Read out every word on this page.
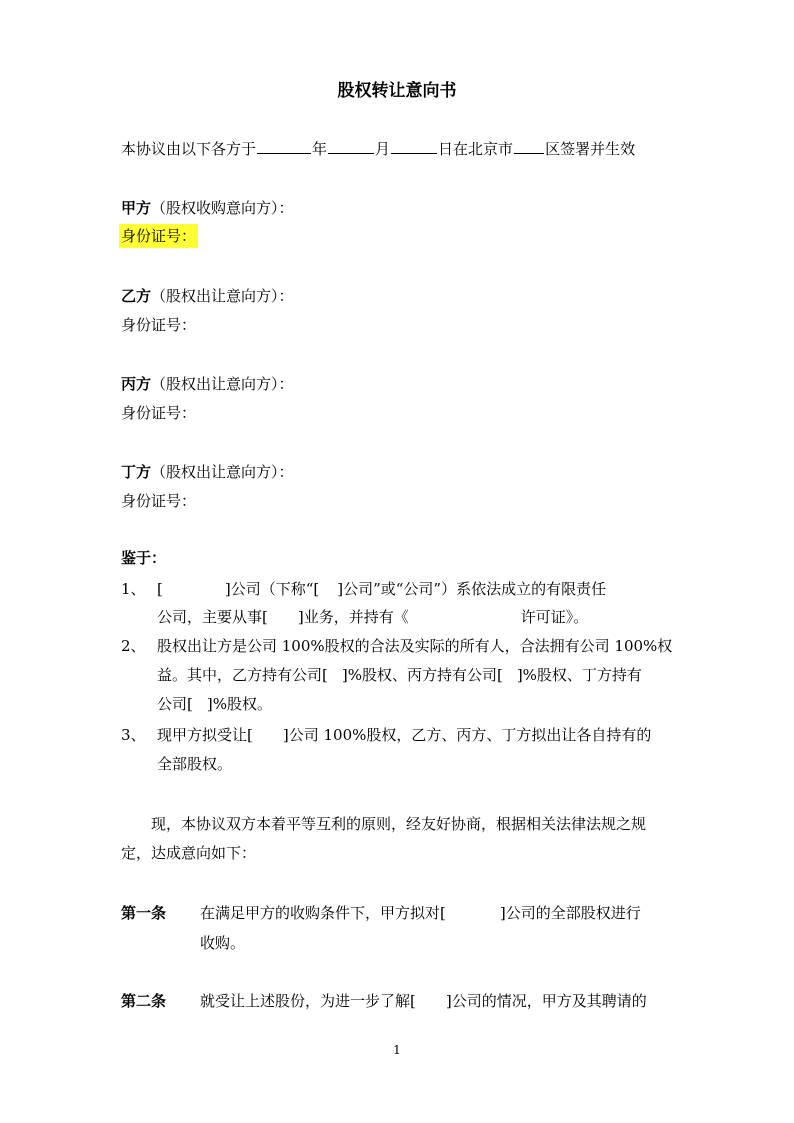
股权转让意向书
本协议由以下各方于	年	月	日在北京市 区签署并生效
甲方（股权收购意向方）：
身份证号：
乙方（股权出让意向方）：
身份证号：
丙方（股权出让意向方）：
身份证号：
丁方（股权出让意向方）：
身份证号：
鉴于：
1、 [	]公司（下称“[ ]公司”或“公司”）系依法成立的有限责任
公司，主要从事[ ]业务，并持有《	许可证》。
2、 股权出让方是公司 100%股权的合法及实际的所有人，合法拥有公司 100%权
益。其中，乙方持有公司[ ]%股权、丙方持有公司[ ]%股权、丁方持有
公司[ ]%股权。
3、 现甲方拟受让[ ]公司 100%股权，乙方、丙方、丁方拟出让各自持有的
全部股权。
现，本协议双方本着平等互利的原则，经友好协商，根据相关法律法规之规
定，达成意向如下：
第一条 在满足甲方的收购条件下，甲方拟对[	]公司的全部股权进行
收购。
第二条 就受让上述股份，为进一步了解[ ]公司的情况，甲方及其聘请的
1
